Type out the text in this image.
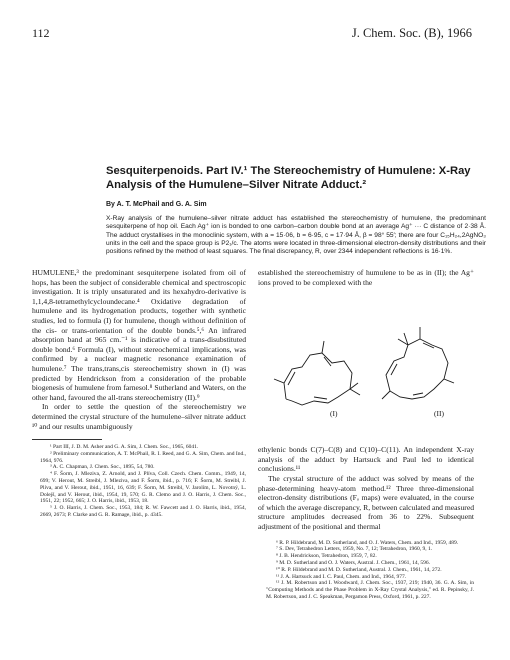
112	J. Chem. Soc. (B), 1966
Sesquiterpenoids. Part IV.¹ The Stereochemistry of Humulene: X-Ray Analysis of the Humulene–Silver Nitrate Adduct.²

By A. T. McPhail and G. A. Sim

X-Ray analysis of the humulene–silver nitrate adduct has established the stereochemistry of humulene, the predominant sesquiterpene of hop oil. Each Ag⁺ ion is bonded to one carbon–carbon double bond at an average Ag⁺ ··· C distance of 2·38 Å. The adduct crystallises in the monoclinic system, with a = 15·06, b = 6·95, c = 17·94 Å, β = 98° 55′; there are four C₁₅H₂₄,2AgNO₃ units in the cell and the space group is P2₁/c. The atoms were located in three-dimensional electron-density distributions and their positions refined by the method of least squares. The final discrepancy, R, over 2344 independent reflections is 16·1%.

HUMULENE,³ the predominant sesquiterpene isolated from oil of hops, has been the subject of considerable chemical and spectroscopic investigation. It is triply unsaturated and its hexahydro-derivative is 1,1,4,8-tetramethylcycloundecane.⁴ Oxidative degradation of humulene and its hydrogenation products, together with synthetic studies, led to formula (I) for humulene, though without definition of the cis- or trans-orientation of the double bonds.⁵,⁶ An infrared absorption band at 965 cm.⁻¹ is indicative of a trans-disubstituted double bond.⁶ Formula (I), without stereochemical implications, was confirmed by a nuclear magnetic resonance examination of humulene.⁷ The trans,trans,cis stereochemistry shown in (I) was predicted by Hendrickson from a consideration of the probable biogenesis of humulene from farnesol.⁸ Sutherland and Waters, on the other hand, favoured the all-trans stereochemistry (II).⁹

In order to settle the question of the stereochemistry we determined the crystal structure of the humulene–silver nitrate adduct ¹⁰ and our results unambiguously

¹ Part III, J. D. M. Asher and G. A. Sim, J. Chem. Soc., 1965, 6041.

² Preliminary communication, A. T. McPhail, R. I. Reed, and G. A. Sim, Chem. and Ind., 1964, 976.

³ A. C. Chapman, J. Chem. Soc., 1895, 54, 780.

⁴ F. Šorm, J. Mleziva, Z. Arnold, and J. Plíva, Coll. Czech. Chem. Comm., 1949, 14, 699; V. Herout, M. Streibl, J. Mleziva, and F. Šorm, ibid., p. 716; F. Šorm, M. Streibl, J. Plíva, and V. Herout, ibid., 1951, 16, 639; F. Šorm, M. Streibl, V. Jarolím, L. Novotný, L. Dolejš, and V. Herout, ibid., 1954, 19, 570; G. R. Clemo and J. O. Harris, J. Chem. Soc., 1951, 22; 1952, 665; J. O. Harris, ibid., 1953, 18.

⁵ J. O. Harris, J. Chem. Soc., 1953, 184; R. W. Fawcett and J. O. Harris, ibid., 1954, 2669, 2673; P. Clarke and G. R. Ramage, ibid., p. 4345.

established the stereochemistry of humulene to be as in (II); the Ag⁺ ions proved to be complexed with the

(I)	(II)

ethylenic bonds C(7)–C(8) and C(10)–C(11). An independent X-ray analysis of the adduct by Hartsuck and Paul led to identical conclusions.¹¹

The crystal structure of the adduct was solved by means of the phase-determining heavy-atom method.¹² Three three-dimensional electron-density distributions (Fₒ maps) were evaluated, in the course of which the average discrepancy, R, between calculated and measured structure amplitudes decreased from 36 to 22%. Subsequent adjustment of the positional and thermal

⁶ R. P. Hildebrand, M. D. Sutherland, and O. J. Waters, Chem. and Ind., 1959, 489.

⁷ S. Dev, Tetrahedron Letters, 1959, No. 7, 12; Tetrahedron, 1960, 9, 1.

⁸ J. B. Hendrickson, Tetrahedron, 1959, 7, 82.

⁹ M. D. Sutherland and O. J. Waters, Austral. J. Chem., 1961, 14, 596.

¹⁰ R. P. Hildebrand and M. D. Sutherland, Austral. J. Chem., 1961, 14, 272.

¹¹ J. A. Hartsuck and I. C. Paul, Chem. and Ind., 1964, 977.

¹² J. M. Robertson and I. Woodward, J. Chem. Soc., 1937, 219; 1940, 36. G. A. Sim, in "Computing Methods and the Phase Problem in X-Ray Crystal Analysis," ed. R. Pepinsky, J. M. Robertson, and J. C. Speakman, Pergamon Press, Oxford, 1961, p. 227.
